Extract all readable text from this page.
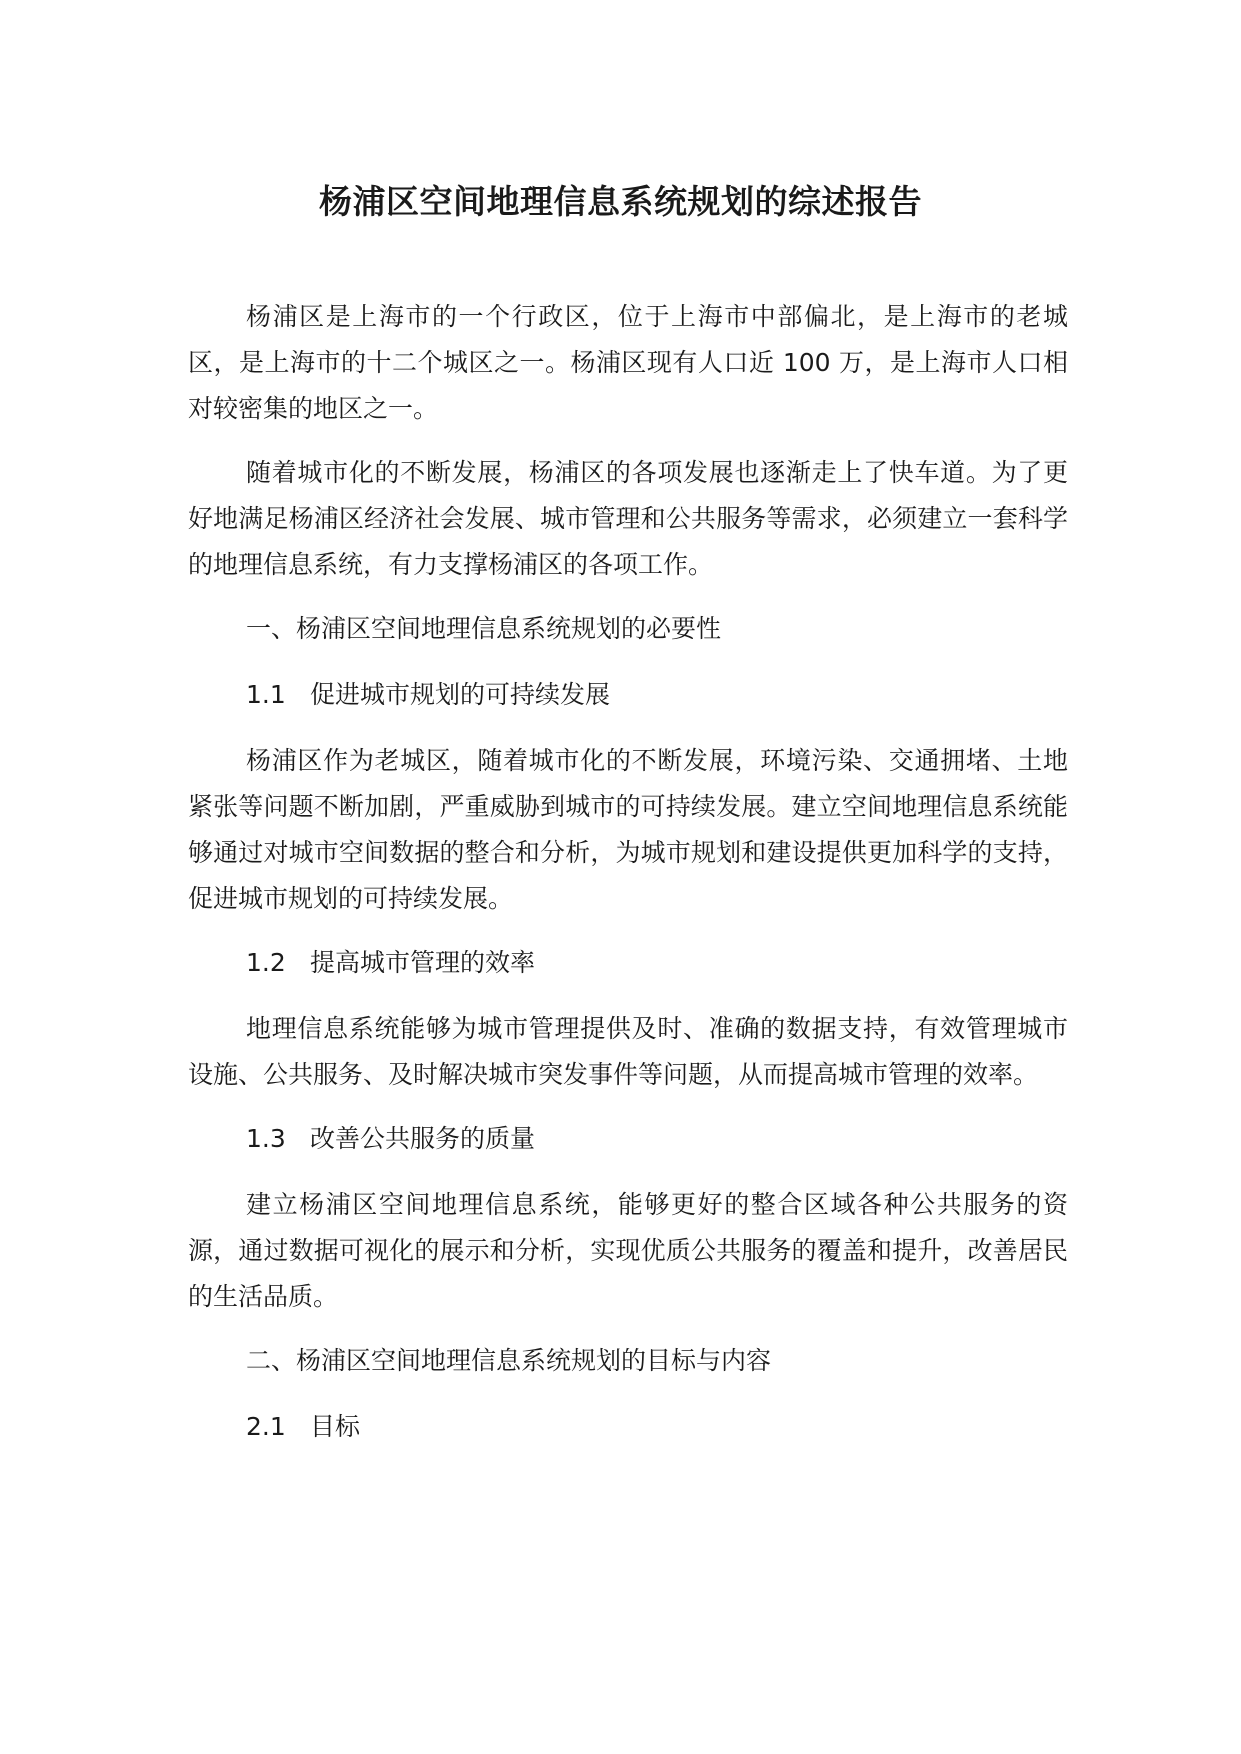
杨浦区空间地理信息系统规划的综述报告

杨浦区是上海市的一个行政区，位于上海市中部偏北，是上海市的老城区，是上海市的十二个城区之一。杨浦区现有人口近 100 万，是上海市人口相对较密集的地区之一。

随着城市化的不断发展，杨浦区的各项发展也逐渐走上了快车道。为了更好地满足杨浦区经济社会发展、城市管理和公共服务等需求，必须建立一套科学的地理信息系统，有力支撑杨浦区的各项工作。

一、杨浦区空间地理信息系统规划的必要性
1.1 促进城市规划的可持续发展

杨浦区作为老城区，随着城市化的不断发展，环境污染、交通拥堵、土地紧张等问题不断加剧，严重威胁到城市的可持续发展。建立空间地理信息系统能够通过对城市空间数据的整合和分析，为城市规划和建设提供更加科学的支持，促进城市规划的可持续发展。

1.2 提高城市管理的效率

地理信息系统能够为城市管理提供及时、准确的数据支持，有效管理城市设施、公共服务、及时解决城市突发事件等问题，从而提高城市管理的效率。

1.3 改善公共服务的质量

建立杨浦区空间地理信息系统，能够更好的整合区域各种公共服务的资源，通过数据可视化的展示和分析，实现优质公共服务的覆盖和提升，改善居民的生活品质。

二、杨浦区空间地理信息系统规划的目标与内容
2.1 目标
